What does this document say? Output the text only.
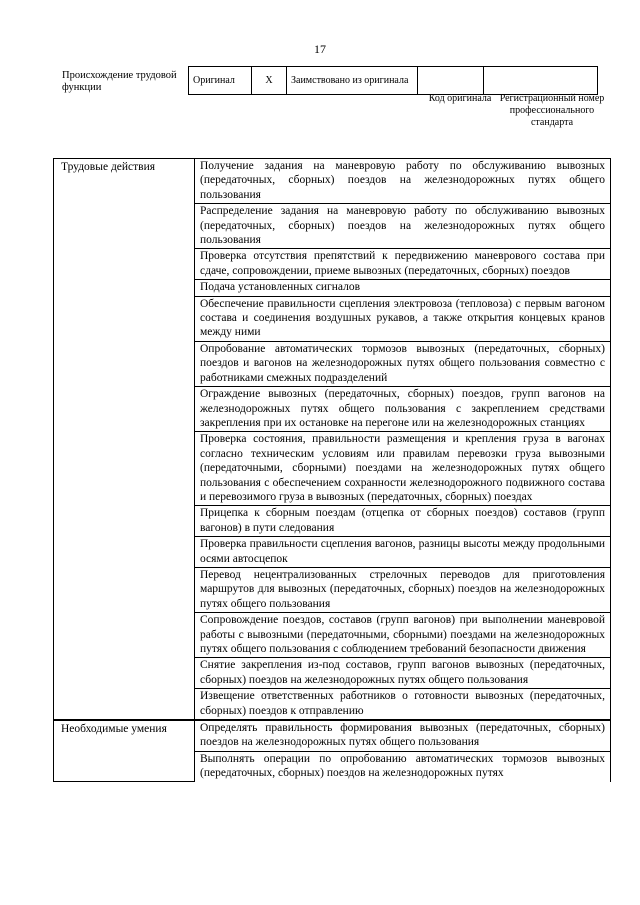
17
Происхождение трудовой функции
Оригинал	X	Заимствовано из оригинала		
Код оригинала Регистрационный номер профессионального стандарта
Трудовые действия	Получение задания на маневровую работу по обслуживанию вывозных (передаточных, сборных) поездов на железнодорожных путях общего пользования
	Распределение задания на маневровую работу по обслуживанию вывозных (передаточных, сборных) поездов на железнодорожных путях общего пользования
	Проверка отсутствия препятствий к передвижению маневрового состава при сдаче, сопровождении, приеме вывозных (передаточных, сборных) поездов
	Подача установленных сигналов
	Обеспечение правильности сцепления электровоза (тепловоза) с первым вагоном состава и соединения воздушных рукавов, а также открытия концевых кранов между ними
	Опробование автоматических тормозов вывозных (передаточных, сборных) поездов и вагонов на железнодорожных путях общего пользования совместно с работниками смежных подразделений
	Ограждение вывозных (передаточных, сборных) поездов, групп вагонов на железнодорожных путях общего пользования с закреплением средствами закрепления при их остановке на перегоне или на железнодорожных станциях
	Проверка состояния, правильности размещения и крепления груза в вагонах согласно техническим условиям или правилам перевозки груза вывозными (передаточными, сборными) поездами на железнодорожных путях общего пользования с обеспечением сохранности железнодорожного подвижного состава и перевозимого груза в вывозных (передаточных, сборных) поездах
	Прицепка к сборным поездам (отцепка от сборных поездов) составов (групп вагонов) в пути следования
	Проверка правильности сцепления вагонов, разницы высоты между продольными осями автосцепок
	Перевод нецентрализованных стрелочных переводов для приготовления маршрутов для вывозных (передаточных, сборных) поездов на железнодорожных путях общего пользования
	Сопровождение поездов, составов (групп вагонов) при выполнении маневровой работы с вывозными (передаточными, сборными) поездами на железнодорожных путях общего пользования с соблюдением требований безопасности движения
	Снятие закрепления из-под составов, групп вагонов вывозных (передаточных, сборных) поездов на железнодорожных путях общего пользования
	Извещение ответственных работников о готовности вывозных (передаточных, сборных) поездов к отправлению
Необходимые умения	Определять правильность формирования вывозных (передаточных, сборных) поездов на железнодорожных путях общего пользования
	Выполнять операции по опробованию автоматических тормозов вывозных (передаточных, сборных) поездов на железнодорожных путях
